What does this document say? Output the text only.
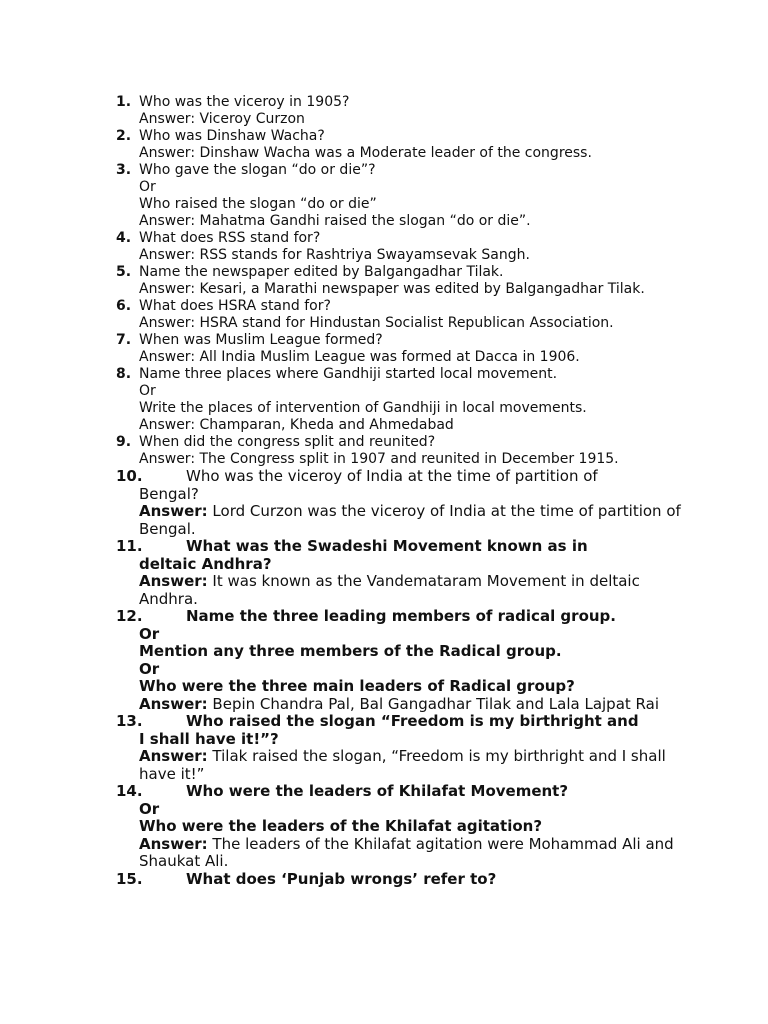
1. Who was the viceroy in 1905?
Answer: Viceroy Curzon
2. Who was Dinshaw Wacha?
Answer: Dinshaw Wacha was a Moderate leader of the congress.
3. Who gave the slogan “do or die”?
Or
Who raised the slogan “do or die”
Answer: Mahatma Gandhi raised the slogan “do or die”.
4. What does RSS stand for?
Answer: RSS stands for Rashtriya Swayamsevak Sangh.
5. Name the newspaper edited by Balgangadhar Tilak.
Answer: Kesari, a Marathi newspaper was edited by Balgangadhar Tilak.
6. What does HSRA stand for?
Answer: HSRA stand for Hindustan Socialist Republican Association.
7. When was Muslim League formed?
Answer: All India Muslim League was formed at Dacca in 1906.
8. Name three places where Gandhiji started local movement.
Or
Write the places of intervention of Gandhiji in local movements.
Answer: Champaran, Kheda and Ahmedabad
9. When did the congress split and reunited?
Answer: The Congress split in 1907 and reunited in December 1915.
10.	Who was the viceroy of India at the time of partition of
Bengal?
Answer: Lord Curzon was the viceroy of India at the time of partition of Bengal.
11.	What was the Swadeshi Movement known as in
deltaic Andhra?
Answer: It was known as the Vandemataram Movement in deltaic Andhra.
12.	Name the three leading members of radical group.
Or
Mention any three members of the Radical group.
Or
Who were the three main leaders of Radical group?
Answer: Bepin Chandra Pal, Bal Gangadhar Tilak and Lala Lajpat Rai
13.	Who raised the slogan “Freedom is my birthright and
I shall have it!”?
Answer: Tilak raised the slogan, “Freedom is my birthright and I shall have it!”
14.	Who were the leaders of Khilafat Movement?
Or
Who were the leaders of the Khilafat agitation?
Answer: The leaders of the Khilafat agitation were Mohammad Ali and Shaukat Ali.
15.	What does ‘Punjab wrongs’ refer to?
